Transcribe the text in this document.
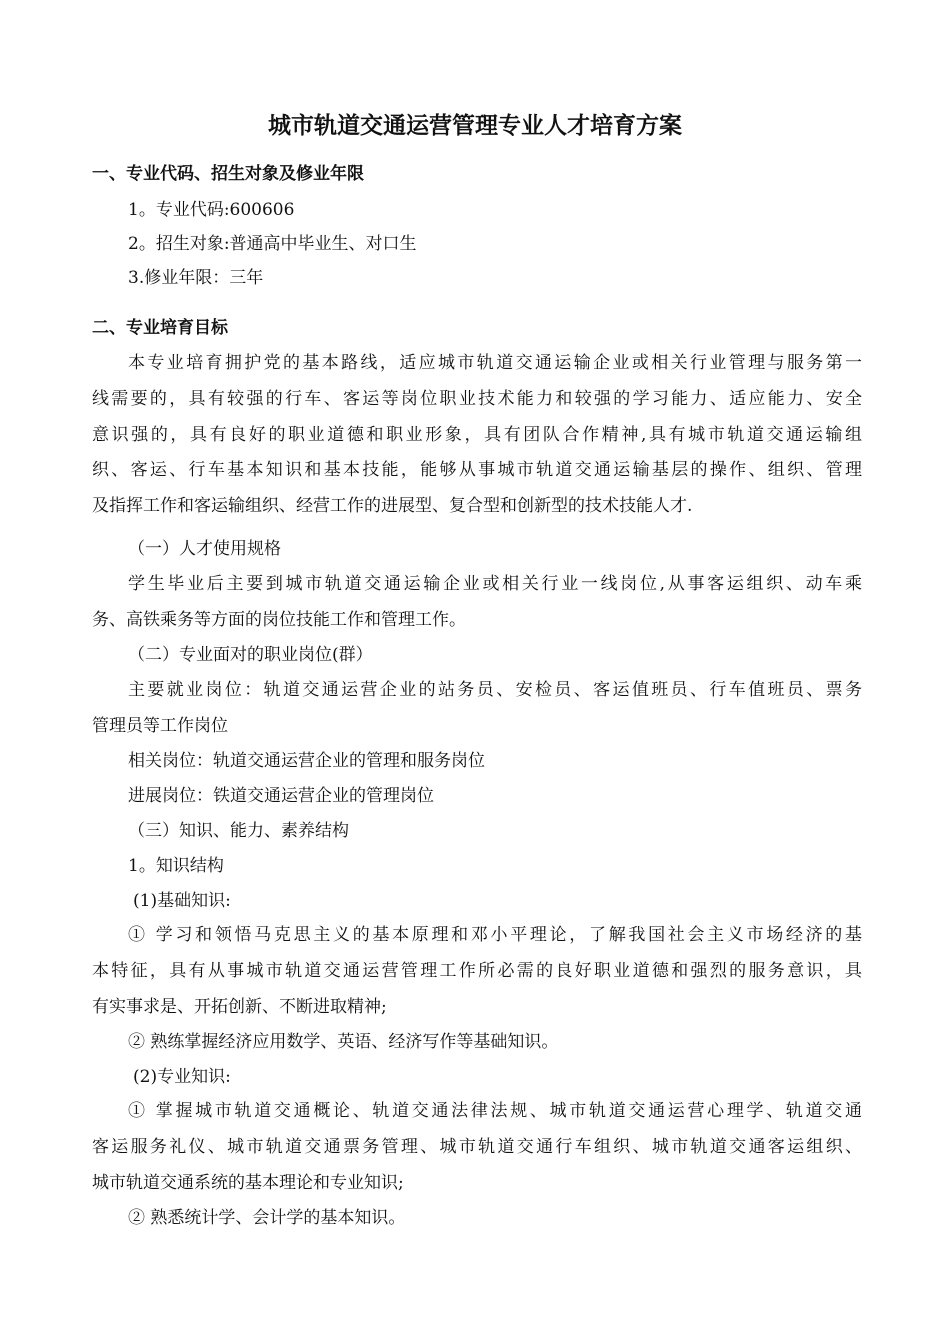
城市轨道交通运营管理专业人才培育方案

一、专业代码、招生对象及修业年限

1。专业代码:600606

2。招生对象:普通高中毕业生、对口生

3.修业年限：三年

二、专业培育目标

本专业培育拥护党的基本路线，适应城市轨道交通运输企业或相关行业管理与服务第一

线需要的，具有较强的行车、客运等岗位职业技术能力和较强的学习能力、适应能力、安全

意识强的，具有良好的职业道德和职业形象，具有团队合作精神,具有城市轨道交通运输组

织、客运、行车基本知识和基本技能，能够从事城市轨道交通运输基层的操作、组织、管理

及指挥工作和客运输组织、经营工作的进展型、复合型和创新型的技术技能人才.

（一）人才使用规格

学生毕业后主要到城市轨道交通运输企业或相关行业一线岗位,从事客运组织、动车乘

务、高铁乘务等方面的岗位技能工作和管理工作。

（二）专业面对的职业岗位(群）

主要就业岗位：轨道交通运营企业的站务员、安检员、客运值班员、行车值班员、票务

管理员等工作岗位

相关岗位：轨道交通运营企业的管理和服务岗位

进展岗位：铁道交通运营企业的管理岗位

（三）知识、能力、素养结构

1。知识结构

(1)基础知识:

① 学习和领悟马克思主义的基本原理和邓小平理论，了解我国社会主义市场经济的基

本特征，具有从事城市轨道交通运营管理工作所必需的良好职业道德和强烈的服务意识，具

有实事求是、开拓创新、不断进取精神;

② 熟练掌握经济应用数学、英语、经济写作等基础知识。

(2)专业知识:

① 掌握城市轨道交通概论、轨道交通法律法规、城市轨道交通运营心理学、轨道交通

客运服务礼仪、城市轨道交通票务管理、城市轨道交通行车组织、城市轨道交通客运组织、

城市轨道交通系统的基本理论和专业知识;

② 熟悉统计学、会计学的基本知识。
